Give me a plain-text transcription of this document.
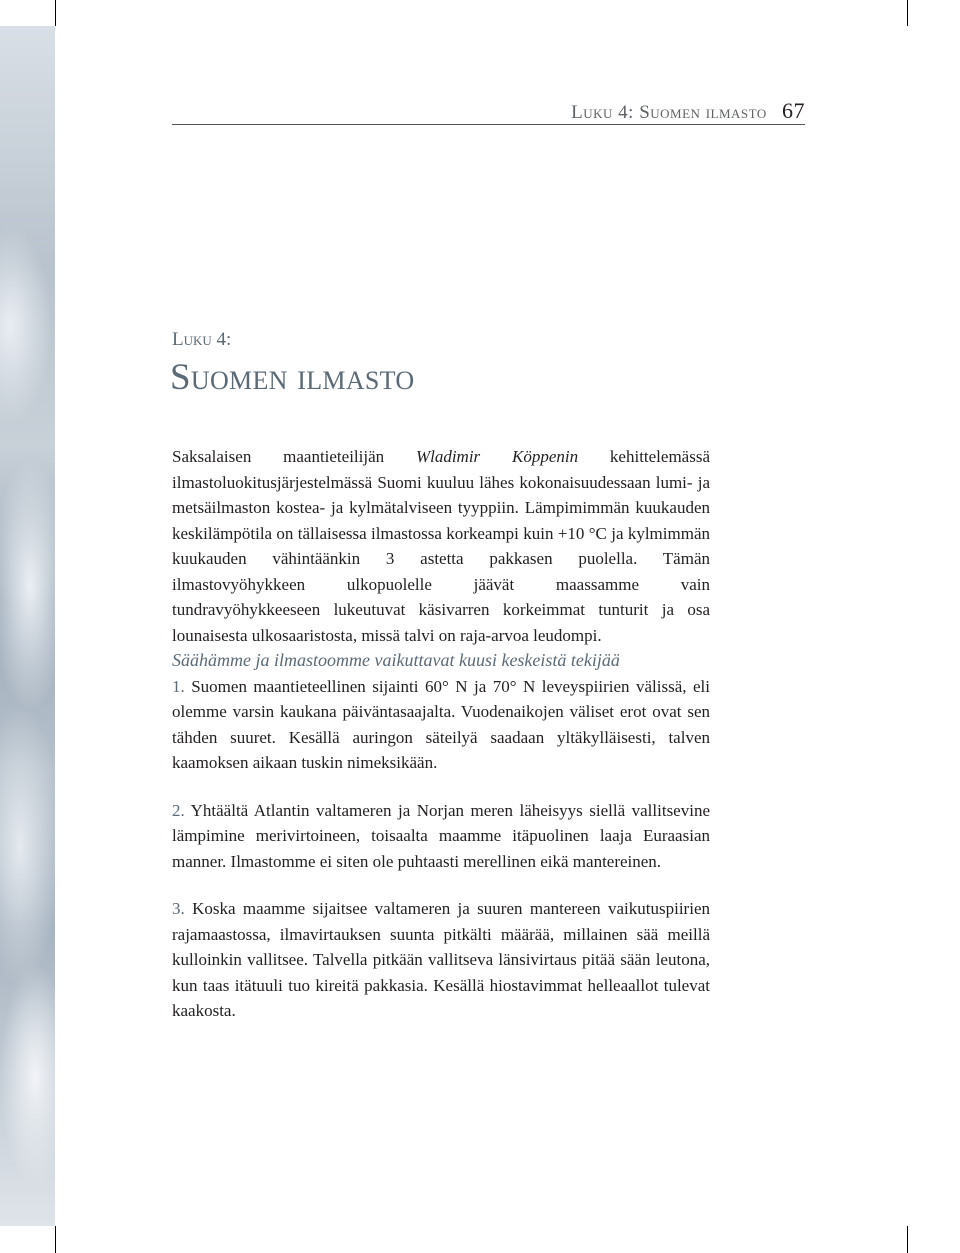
Luku 4: Suomen ilmasto 67
Luku 4:
Suomen ilmasto

Saksalaisen maantieteilijän Wladimir Köppenin kehittelemässä ilmastoluokitusjärjestelmässä Suomi kuuluu lähes kokonaisuudessaan lumi- ja metsäilmaston kostea- ja kylmätalviseen tyyppiin. Lämpimimmän kuukauden keskilämpötila on tällaisessa ilmastossa korkeampi kuin +10 °C ja kylmimmän kuukauden vähintäänkin 3 astetta pakkasen puolella. Tämän ilmastovyöhykkeen ulkopuolelle jäävät maassamme vain tundravyöhykkeeseen lukeutuvat käsivarren korkeimmat tunturit ja osa lounaisesta ulkosaaristosta, missä talvi on raja-arvoa leudompi.

Säähämme ja ilmastoomme vaikuttavat kuusi keskeistä tekijää

1. Suomen maantieteellinen sijainti 60° N ja 70° N leveyspiirien välissä, eli olemme varsin kaukana päiväntasaajalta. Vuodenaikojen väliset erot ovat sen tähden suuret. Kesällä auringon säteilyä saadaan yltäkylläisesti, talven kaamoksen aikaan tuskin nimeksikään.

2. Yhtäältä Atlantin valtameren ja Norjan meren läheisyys siellä vallitsevine lämpimine merivirtoineen, toisaalta maamme itäpuolinen laaja Euraasian manner. Ilmastomme ei siten ole puhtaasti merellinen eikä mantereinen.

3. Koska maamme sijaitsee valtameren ja suuren mantereen vaikutuspiirien rajamaastossa, ilmavirtauksen suunta pitkälti määrää, millainen sää meillä kulloinkin vallitsee. Talvella pitkään vallitseva länsivirtaus pitää sään leutona, kun taas itätuuli tuo kireitä pakkasia. Kesällä hiostavimmat helleaallot tulevat kaakosta.
